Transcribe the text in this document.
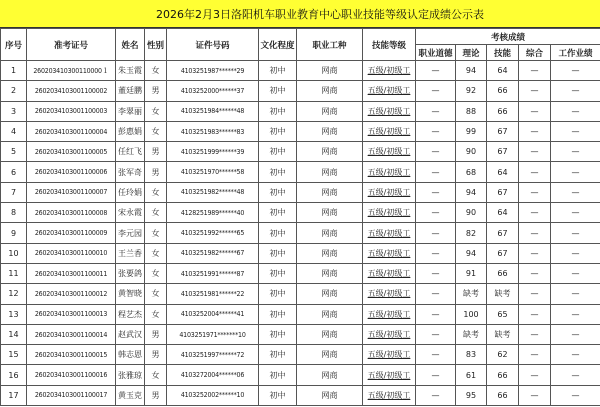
2026年2月3日洛阳机车职业教育中心职业技能等级认定成绩公示表
序号	准考证号	姓名	性别	证件号码	文化程度	职业工种	技能等级	考核成绩				
								职业道德	理论	技能	综合	工作业绩
1	260203410300110000１	朱玉霞	女	4103251987******29	初中	网商	五级/初级工	—	94	64	—	—
2	2602034103001100002	董廷鹏	男	4103252000******37	初中	网商	五级/初级工	—	92	66	—	—
3	2602034103001100003	李翠丽	女	4103251984******48	初中	网商	五级/初级工	—	88	66	—	—
4	2602034103001100004	彭惠娟	女	4103251983******83	初中	网商	五级/初级工	—	99	67	—	—
5	2602034103001100005	任红飞	男	4103251999******39	初中	网商	五级/初级工	—	90	67	—	—
6	2602034103001100006	张军奇	男	4103251970******58	初中	网商	五级/初级工	—	68	64	—	—
7	2602034103001100007	任玲娟	女	4103251982******48	初中	网商	五级/初级工	—	94	67	—	—
8	2602034103001100008	宋永霞	女	4128251989******40	初中	网商	五级/初级工	—	90	64	—	—
9	2602034103001100009	李元园	女	4103251992******65	初中	网商	五级/初级工	—	82	67	—	—
10	2602034103001100010	王兰香	女	4103251982******67	初中	网商	五级/初级工	—	94	67	—	—
11	2602034103001100011	张要鸽	女	4103251991******87	初中	网商	五级/初级工	—	91	66	—	—
12	2602034103001100012	黄智晓	女	4103251981******22	初中	网商	五级/初级工	—	缺考	缺考	—	—
13	2602034103001100013	程艺杰	女	4103252004******41	初中	网商	五级/初级工	—	100	65	—	—
14	2602034103001100014	赵武汉	男	4103251971*******10	初中	网商	五级/初级工	—	缺考	缺考	—	—
15	2602034103001100015	韩志恩	男	4103251997******72	初中	网商	五级/初级工	—	83	62	—	—
16	2602034103001100016	张雅琼	女	4103272004******06	初中	网商	五级/初级工	—	61	66	—	—
17	2602034103001100017	黄玉克	男	4103252002******10	初中	网商	五级/初级工	—	95	66	—	—
